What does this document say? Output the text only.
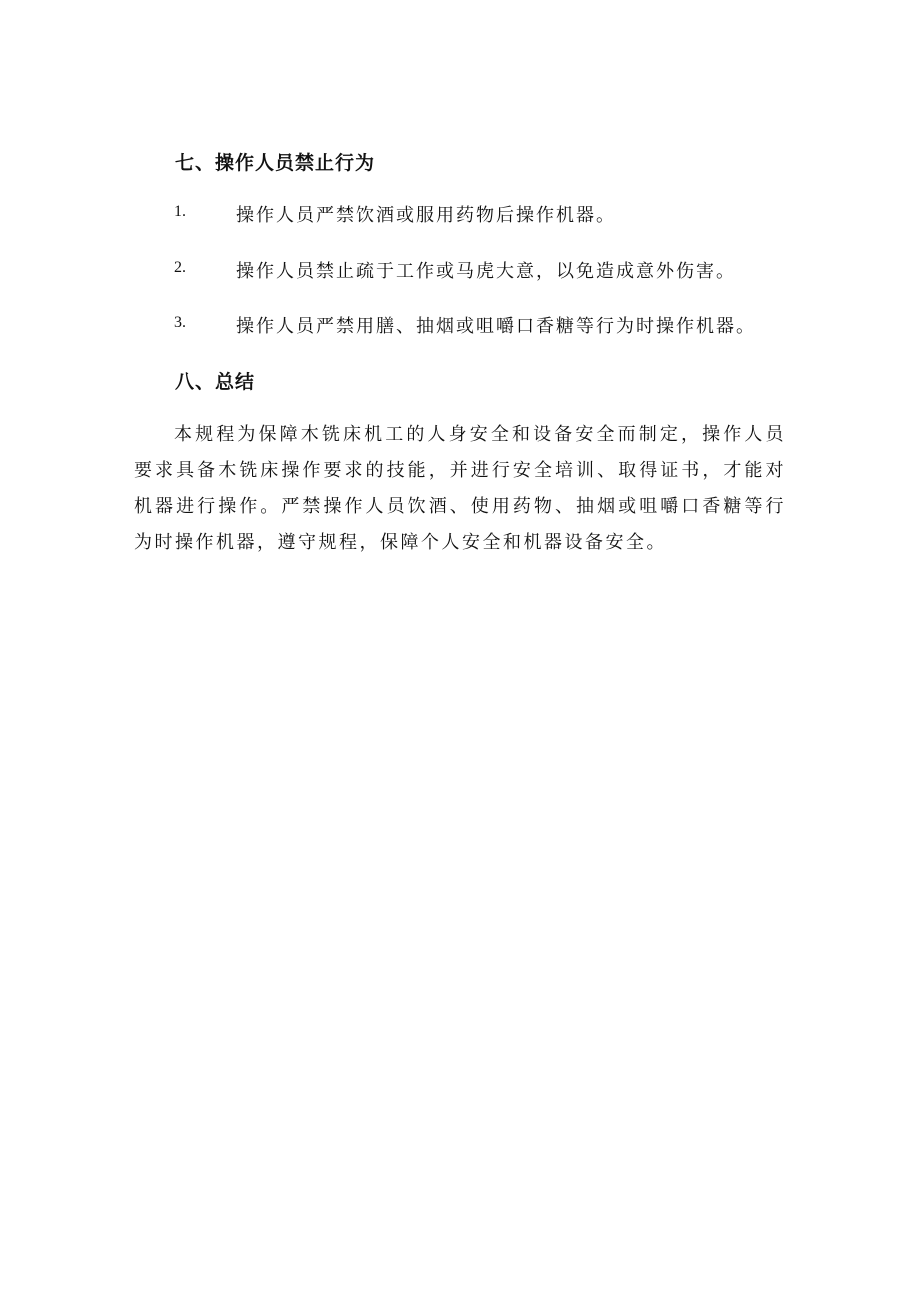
七、操作人员禁止行为
1.	操作人员严禁饮酒或服用药物后操作机器。
2.	操作人员禁止疏于工作或马虎大意，以免造成意外伤害。
3.	操作人员严禁用膳、抽烟或咀嚼口香糖等行为时操作机器。
八、总结

本规程为保障木铣床机工的人身安全和设备安全而制定，操作人员要求具备木铣床操作要求的技能，并进行安全培训、取得证书，才能对机器进行操作。严禁操作人员饮酒、使用药物、抽烟或咀嚼口香糖等行为时操作机器，遵守规程，保障个人安全和机器设备安全。
